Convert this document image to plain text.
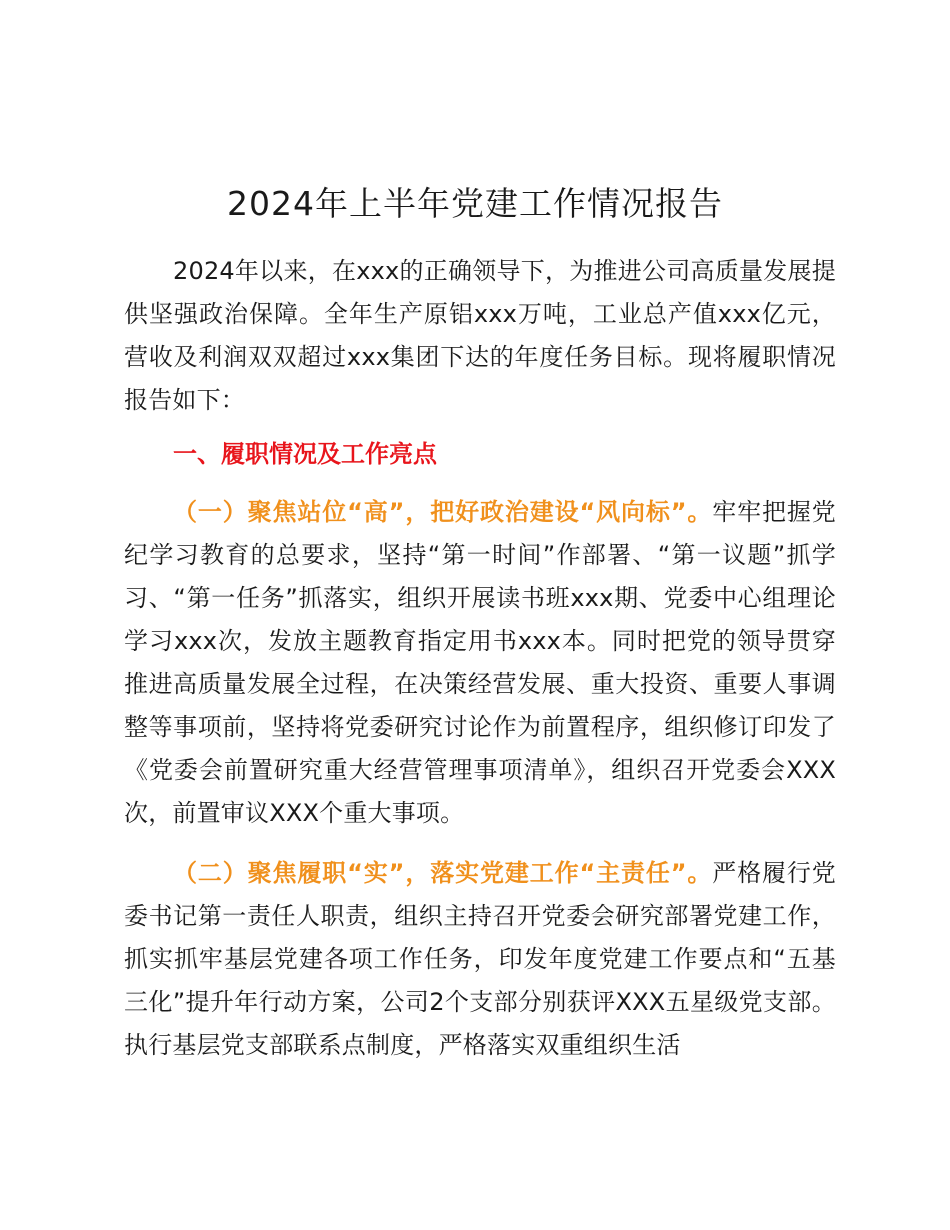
2024年上半年党建工作情况报告

2024年以来，在xxx的正确领导下，为推进公司高质量发展提供坚强政治保障。全年生产原铝xxx万吨，工业总产值xxx亿元，营收及利润双双超过xxx集团下达的年度任务目标。现将履职情况报告如下：

一、履职情况及工作亮点

（一）聚焦站位“高”，把好政治建设“风向标”。牢牢把握党纪学习教育的总要求，坚持“第一时间”作部署、“第一议题”抓学习、“第一任务”抓落实，组织开展读书班xxx期、党委中心组理论学习xxx次，发放主题教育指定用书xxx本。同时把党的领导贯穿推进高质量发展全过程，在决策经营发展、重大投资、重要人事调整等事项前，坚持将党委研究讨论作为前置程序，组织修订印发了《党委会前置研究重大经营管理事项清单》，组织召开党委会XXX次，前置审议XXX个重大事项。

（二）聚焦履职“实”，落实党建工作“主责任”。严格履行党委书记第一责任人职责，组织主持召开党委会研究部署党建工作，抓实抓牢基层党建各项工作任务，印发年度党建工作要点和“五基三化”提升年行动方案，公司2个支部分别获评XXX五星级党支部。执行基层党支部联系点制度，严格落实双重组织生活
